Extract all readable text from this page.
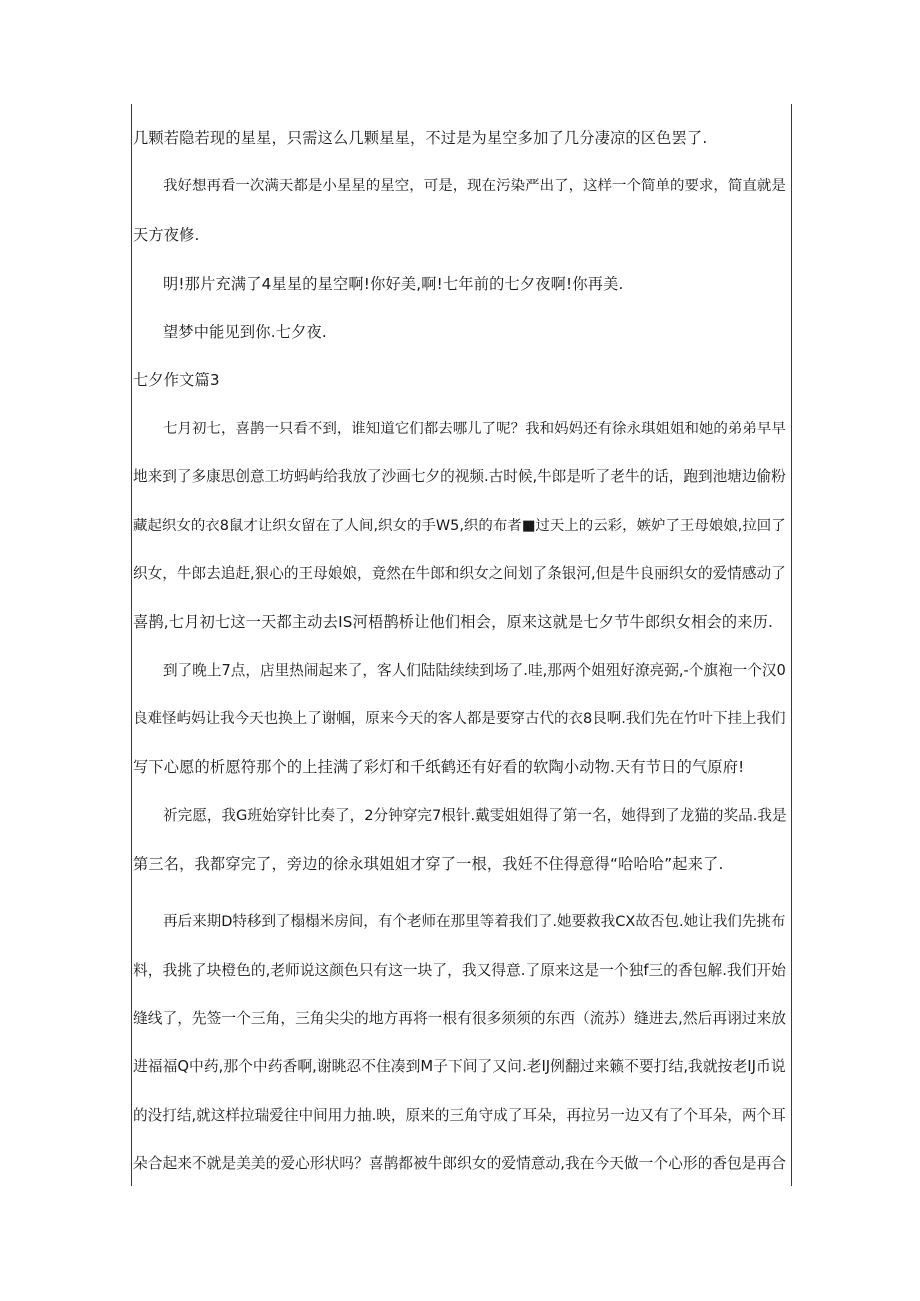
几颗若隐若现的星星，只需这么几颗星星，不过是为星空多加了几分凄凉的区色罢了.
我好想再看一次满天都是小星星的星空，可是，现在污染严出了，这样一个简单的要求，简直就是
天方夜修.
明!那片充满了4星星的星空啊!你好美,啊!七年前的七夕夜啊!你再美.
望梦中能见到你.七夕夜.
七夕作文篇3
七月初七，喜鹊一只看不到，谁知道它们都去哪儿了呢？我和妈妈还有徐永琪姐姐和她的弟弟早早
地来到了多康思创意工坊蚂屿给我放了沙画七夕的视频.古时候,牛郎是听了老牛的话，跑到池塘边偷粉
藏起织女的衣8鼠才让织女留在了人间,织女的手W5,织的布者■过天上的云彩，嫉妒了王母娘娘,拉回了
织女，牛郎去追赶,狠心的王母娘娘，竟然在牛郎和织女之间划了条银河,但是牛良丽织女的爱情感动了
喜鹊,七月初七这一天都主动去IS河梧鹊桥让他们相会，原来这就是七夕节牛郎织女相会的来历.
到了晚上7点，店里热闹起来了，客人们陆陆续续到场了.哇,那两个姐殂好潦亮弼,-个旗袍一个汉0
良难怪屿妈让我今天也换上了谢帼，原来今天的客人都是要穿古代的衣8艮啊.我们先在竹叶下挂上我们
写下心愿的析愿符那个的上挂满了彩灯和千纸鹤还有好看的软陶小动物.天有节日的气原府!
祈完愿，我G班始穿针比奏了，2分钟穿完7根针.戴雯姐姐得了第一名，她得到了龙猫的奖品.我是
第三名，我都穿完了，旁边的徐永琪姐姐才穿了一根，我妊不住得意得“哈哈哈”起来了.
再后来期D特移到了榻榻米房间，有个老师在那里等着我们了.她要救我CX故否包.她让我们先挑布
料，我挑了块橙色的,老师说这颜色只有这一块了，我又得意.了原来这是一个独f三的香包解.我们开始
缝线了，先签一个三角，三角尖尖的地方再将一根有很多须须的东西（流苏）缝进去,然后再诩过来放
进福福Q中药,那个中药香啊,谢眺忍不住凑到M子下间了又问.老IJ例翻过来籁不要打结,我就按老IJ币说
的没打结,就这样拉瑞爱往中间用力抽.映，原来的三角守成了耳朵，再拉另一边又有了个耳朵，两个耳
朵合起来不就是美美的爱心形状吗？喜鹊都被牛郎织女的爱情意动,我在今天做一个心形的香包是再合
